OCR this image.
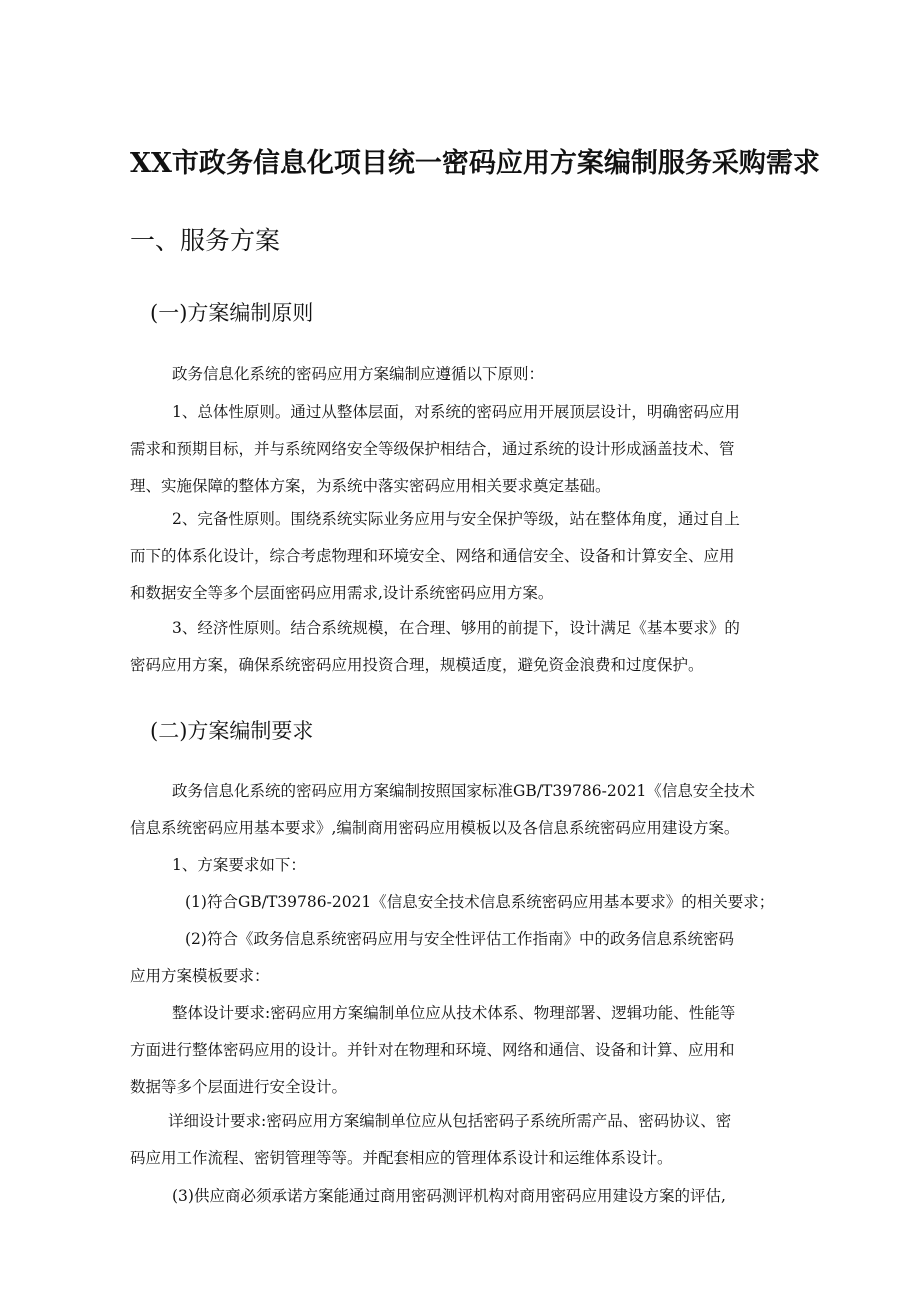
XX市政务信息化项目统一密码应用方案编制服务采购需求
一、服务方案
(一)方案编制原则
政务信息化系统的密码应用方案编制应遵循以下原则：
1、总体性原则。通过从整体层面，对系统的密码应用开展顶层设计，明确密码应用
需求和预期目标，并与系统网络安全等级保护相结合，通过系统的设计形成涵盖技术、管
理、实施保障的整体方案，为系统中落实密码应用相关要求奠定基础。
2、完备性原则。围绕系统实际业务应用与安全保护等级，站在整体角度，通过自上
而下的体系化设计，综合考虑物理和环境安全、网络和通信安全、设备和计算安全、应用
和数据安全等多个层面密码应用需求,设计系统密码应用方案。
3、经济性原则。结合系统规模，在合理、够用的前提下，设计满足《基本要求》的
密码应用方案，确保系统密码应用投资合理，规模适度，避免资金浪费和过度保护。
(二)方案编制要求
政务信息化系统的密码应用方案编制按照国家标准GB/T39786-2021《信息安全技术
信息系统密码应用基本要求》,编制商用密码应用模板以及各信息系统密码应用建设方案。
1、方案要求如下：
(1)符合GB/T39786-2021《信息安全技术信息系统密码应用基本要求》的相关要求；
(2)符合《政务信息系统密码应用与安全性评估工作指南》中的政务信息系统密码
应用方案模板要求：
整体设计要求:密码应用方案编制单位应从技术体系、物理部署、逻辑功能、性能等
方面进行整体密码应用的设计。并针对在物理和环境、网络和通信、设备和计算、应用和
数据等多个层面进行安全设计。
详细设计要求:密码应用方案编制单位应从包括密码子系统所需产品、密码协议、密
码应用工作流程、密钥管理等等。并配套相应的管理体系设计和运维体系设计。
(3)供应商必须承诺方案能通过商用密码测评机构对商用密码应用建设方案的评估,
